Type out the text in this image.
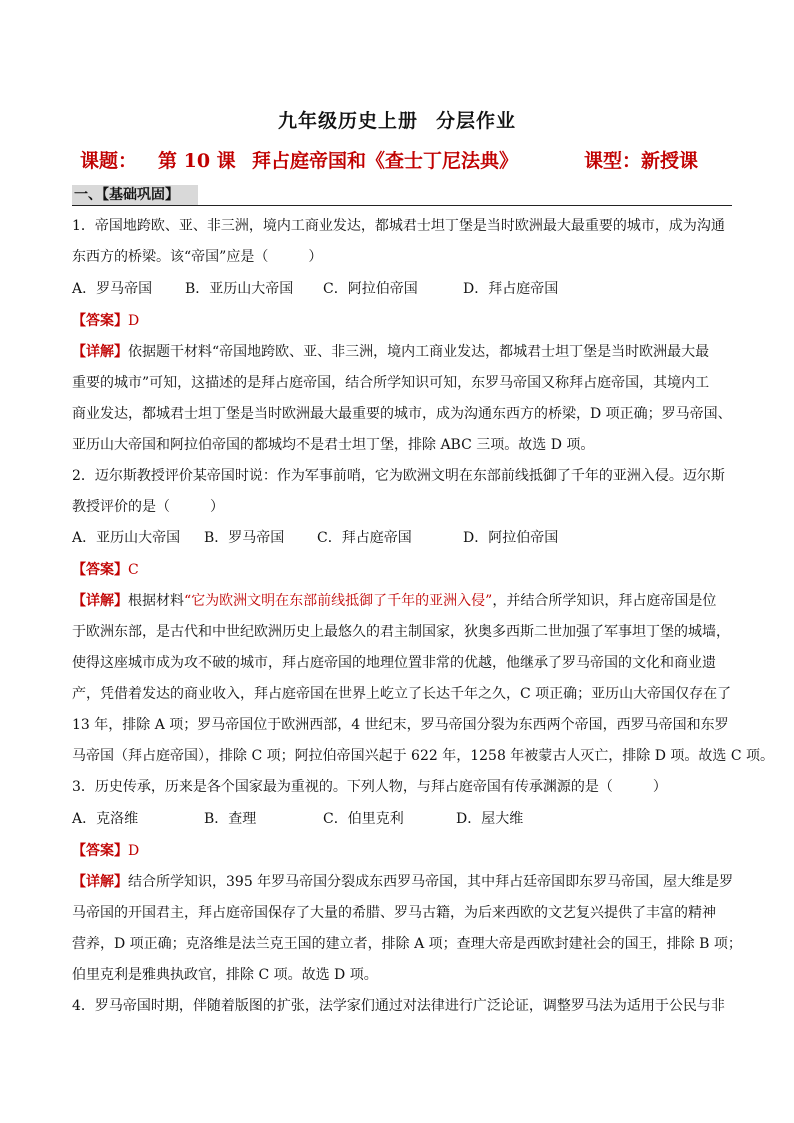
九年级历史上册 分层作业
课题： 第 10 课 拜占庭帝国和《查士丁尼法典》	课型：新授课
一、【基础巩固】
1．帝国地跨欧、亚、非三洲，境内工商业发达，都城君士坦丁堡是当时欧洲最大最重要的城市，成为沟通
东西方的桥梁。该“帝国”应是（	）
A．罗马帝国 B．亚历山大帝国 C．阿拉伯帝国	D．拜占庭帝国
【答案】D
【详解】依据题干材料“帝国地跨欧、亚、非三洲，境内工商业发达，都城君士坦丁堡是当时欧洲最大最
重要的城市”可知，这描述的是拜占庭帝国，结合所学知识可知，东罗马帝国又称拜占庭帝国，其境内工
商业发达，都城君士坦丁堡是当时欧洲最大最重要的城市，成为沟通东西方的桥梁，D 项正确；罗马帝国、
亚历山大帝国和阿拉伯帝国的都城均不是君士坦丁堡，排除 ABC 三项。故选 D 项。
2．迈尔斯教授评价某帝国时说：作为军事前哨，它为欧洲文明在东部前线抵御了千年的亚洲入侵。迈尔斯
教授评价的是（	）
A．亚历山大帝国 B．罗马帝国 C．拜占庭帝国	D．阿拉伯帝国
【答案】C
【详解】根据材料“它为欧洲文明在东部前线抵御了千年的亚洲入侵”，并结合所学知识，拜占庭帝国是位
于欧洲东部，是古代和中世纪欧洲历史上最悠久的君主制国家，狄奥多西斯二世加强了军事坦丁堡的城墙，
使得这座城市成为攻不破的城市，拜占庭帝国的地理位置非常的优越，他继承了罗马帝国的文化和商业遗
产，凭借着发达的商业收入，拜占庭帝国在世界上屹立了长达千年之久，C 项正确；亚历山大帝国仅存在了
13 年，排除 A 项；罗马帝国位于欧洲西部，4 世纪末，罗马帝国分裂为东西两个帝国，西罗马帝国和东罗
马帝国（拜占庭帝国），排除 C 项；阿拉伯帝国兴起于 622 年，1258 年被蒙古人灭亡，排除 D 项。故选 C 项。
3．历史传承，历来是各个国家最为重视的。下列人物，与拜占庭帝国有传承渊源的是（	）
A．克洛维	B．查理	C．伯里克利	D．屋大维
【答案】D
【详解】结合所学知识，395 年罗马帝国分裂成东西罗马帝国，其中拜占廷帝国即东罗马帝国，屋大维是罗
马帝国的开国君主，拜占庭帝国保存了大量的希腊、罗马古籍，为后来西欧的文艺复兴提供了丰富的精神
营养，D 项正确；克洛维是法兰克王国的建立者，排除 A 项；查理大帝是西欧封建社会的国王，排除 B 项；
伯里克利是雅典执政官，排除 C 项。故选 D 项。
4．罗马帝国时期，伴随着版图的扩张，法学家们通过对法律进行广泛论证，调整罗马法为适用于公民与非
